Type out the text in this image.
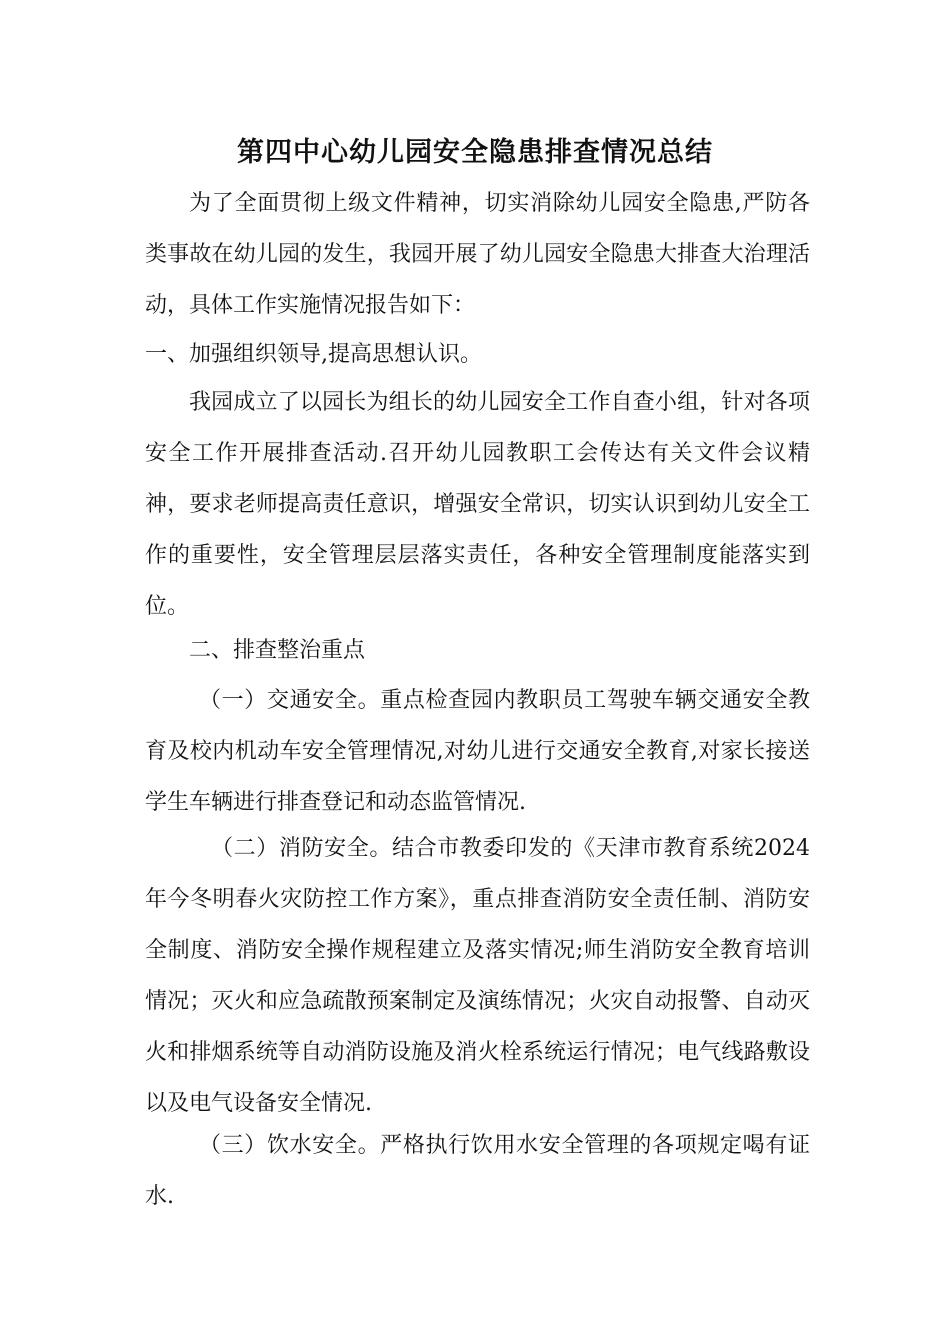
第四中心幼儿园安全隐患排查情况总结

为了全面贯彻上级文件精神，切实消除幼儿园安全隐患,严防各类事故在幼儿园的发生，我园开展了幼儿园安全隐患大排查大治理活动，具体工作实施情况报告如下：

一、加强组织领导,提高思想认识。

我园成立了以园长为组长的幼儿园安全工作自查小组，针对各项安全工作开展排查活动.召开幼儿园教职工会传达有关文件会议精神，要求老师提高责任意识，增强安全常识，切实认识到幼儿安全工作的重要性，安全管理层层落实责任，各种安全管理制度能落实到位。

二、排查整治重点

（一）交通安全。重点检查园内教职员工驾驶车辆交通安全教育及校内机动车安全管理情况,对幼儿进行交通安全教育,对家长接送学生车辆进行排查登记和动态监管情况.

（二）消防安全。结合市教委印发的《天津市教育系统2024年今冬明春火灾防控工作方案》，重点排查消防安全责任制、消防安全制度、消防安全操作规程建立及落实情况;师生消防安全教育培训情况；灭火和应急疏散预案制定及演练情况；火灾自动报警、自动灭火和排烟系统等自动消防设施及消火栓系统运行情况；电气线路敷设以及电气设备安全情况.

（三）饮水安全。严格执行饮用水安全管理的各项规定喝有证水.
